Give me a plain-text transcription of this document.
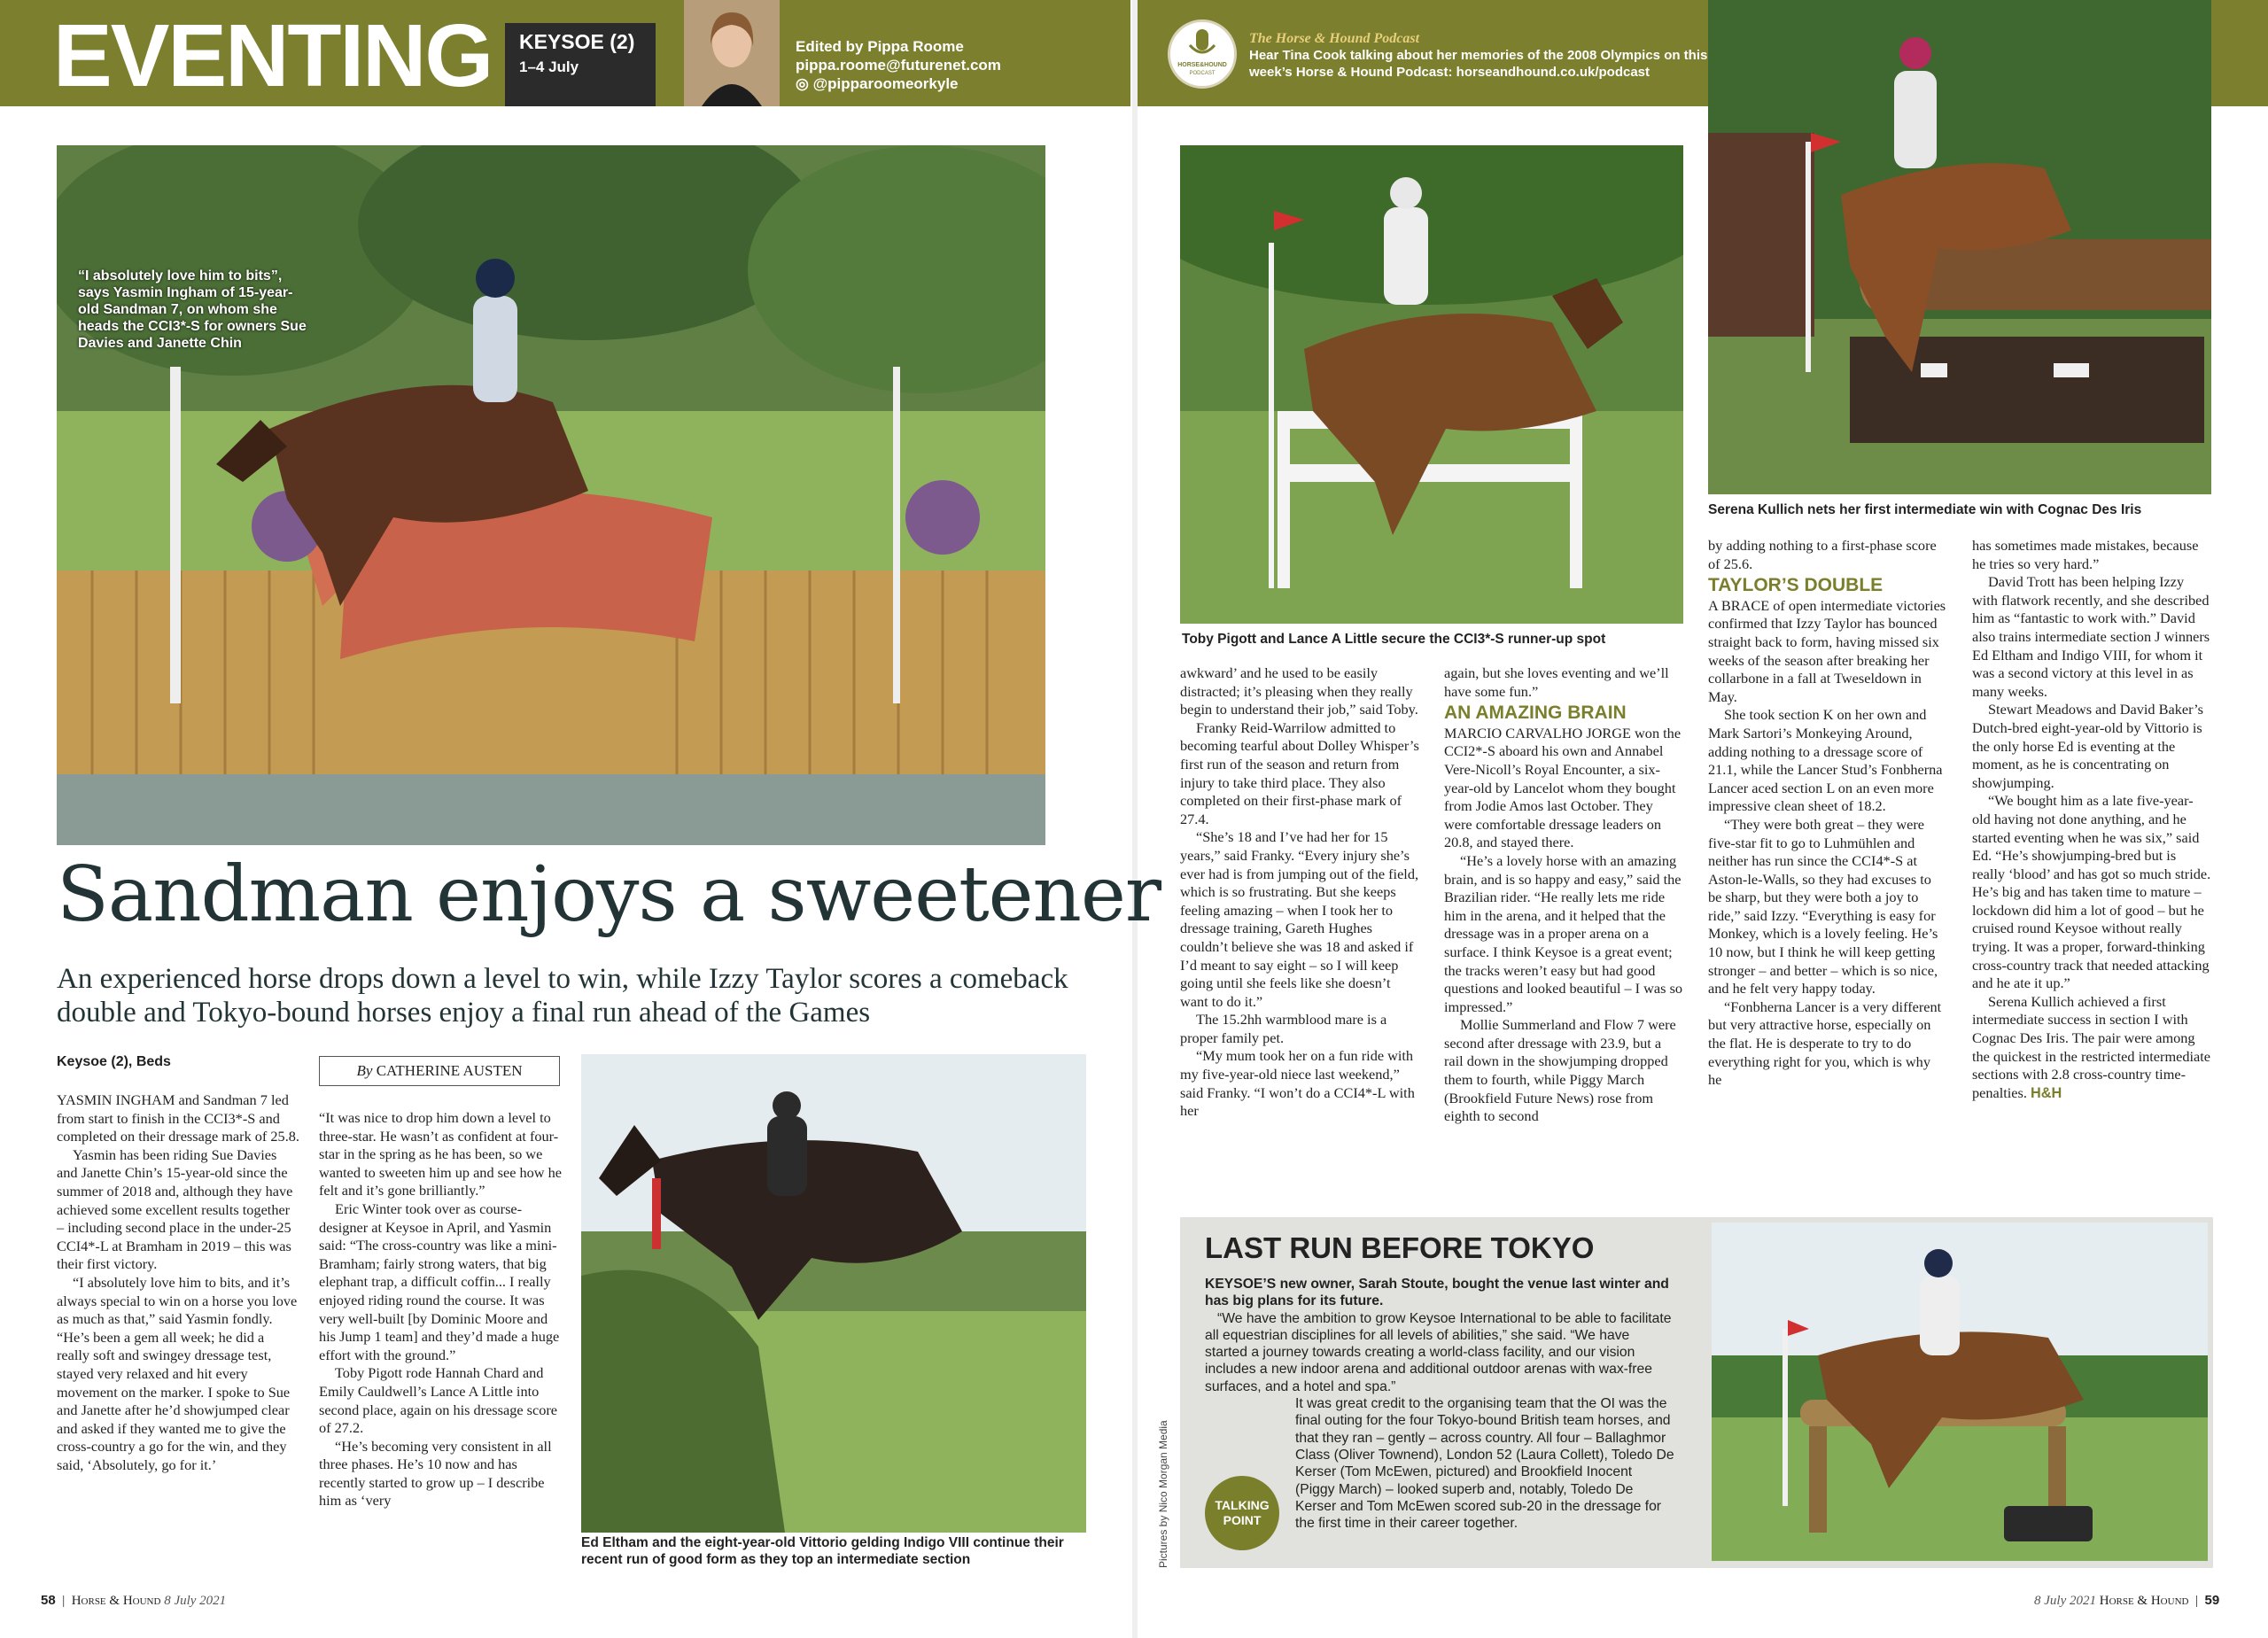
EVENTING KEYSOE (2)
1–4 July
Edited by Pippa Roome
pippa.roome@futurenet.com
◎ @pipparoomeorkyle
HORSE&HOUND
PODCAST
The Horse & Hound Podcast
Hear Tina Cook talking about her memories of the 2008 Olympics on this week’s Horse & Hound Podcast: horseandhound.co.uk/podcast
“I absolutely love him to bits”, says Yasmin Ingham of 15-year-old Sandman 7, on whom she heads the CCI3*-S for owners Sue Davies and Janette Chin
Sandman enjoys a sweetener
An experienced horse drops down a level to win, while Izzy Taylor scores a comeback double and Tokyo-bound horses enjoy a final run ahead of the Games
Keysoe (2), Beds
By CATHERINE AUSTEN

YASMIN INGHAM and Sandman 7 led from start to finish in the CCI3*-S and completed on their dressage mark of 25.8.

Yasmin has been riding Sue Davies and Janette Chin’s 15-year-old since the summer of 2018 and, although they have achieved some excellent results together – including second place in the under-25 CCI4*-L at Bramham in 2019 – this was their first victory.

“I absolutely love him to bits, and it’s always special to win on a horse you love as much as that,” said Yasmin fondly. “He’s been a gem all week; he did a really soft and swingey dressage test, stayed very relaxed and hit every movement on the marker. I spoke to Sue and Janette after he’d showjumped clear and asked if they wanted me to give the cross-country a go for the win, and they said, ‘Absolutely, go for it.’

“It was nice to drop him down a level to three-star. He wasn’t as confident at four-star in the spring as he has been, so we wanted to sweeten him up and see how he felt and it’s gone brilliantly.”

Eric Winter took over as course-designer at Keysoe in April, and Yasmin said: “The cross-country was like a mini-Bramham; fairly strong waters, that big elephant trap, a difficult coffin... I really enjoyed riding round the course. It was very well-built [by Dominic Moore and his Jump 1 team] and they’d made a huge effort with the ground.”

Toby Pigott rode Hannah Chard and Emily Cauldwell’s Lance A Little into second place, again on his dressage score of 27.2.

“He’s becoming very consistent in all three phases. He’s 10 now and has recently started to grow up – I describe him as ‘very

Ed Eltham and the eight-year-old Vittorio gelding Indigo VIII continue their recent run of good form as they top an intermediate section
Toby Pigott and Lance A Little secure the CCI3*-S runner-up spot
Serena Kullich nets her first intermediate win with Cognac Des Iris

awkward’ and he used to be easily distracted; it’s pleasing when they really begin to understand their job,” said Toby.

Franky Reid-Warrilow admitted to becoming tearful about Dolley Whisper’s first run of the season and return from injury to take third place. They also completed on their first-phase mark of 27.4.

“She’s 18 and I’ve had her for 15 years,” said Franky. “Every injury she’s ever had is from jumping out of the field, which is so frustrating. But she keeps feeling amazing – when I took her to dressage training, Gareth Hughes couldn’t believe she was 18 and asked if I’d meant to say eight – so I will keep going until she feels like she doesn’t want to do it.”

The 15.2hh warmblood mare is a proper family pet.

“My mum took her on a fun ride with my five-year-old niece last weekend,” said Franky. “I won’t do a CCI4*-L with her

again, but she loves eventing and we’ll have some fun.”

AN AMAZING BRAIN

MARCIO CARVALHO JORGE won the CCI2*-S aboard his own and Annabel Vere-Nicoll’s Royal Encounter, a six-year-old by Lancelot whom they bought from Jodie Amos last October. They were comfortable dressage leaders on 20.8, and stayed there.

“He’s a lovely horse with an amazing brain, and is so happy and easy,” said the Brazilian rider. “He really lets me ride him in the arena, and it helped that the dressage was in a proper arena on a surface. I think Keysoe is a great event; the tracks weren’t easy but had good questions and looked beautiful – I was so impressed.”

Mollie Summerland and Flow 7 were second after dressage with 23.9, but a rail down in the showjumping dropped them to fourth, while Piggy March (Brookfield Future News) rose from eighth to second

by adding nothing to a first-phase score of 25.6.

TAYLOR’S DOUBLE

A BRACE of open intermediate victories confirmed that Izzy Taylor has bounced straight back to form, having missed six weeks of the season after breaking her collarbone in a fall at Tweseldown in May.

She took section K on her own and Mark Sartori’s Monkeying Around, adding nothing to a dressage score of 21.1, while the Lancer Stud’s Fonbherna Lancer aced section L on an even more impressive clean sheet of 18.2.

“They were both great – they were five-star fit to go to Luhmühlen and neither has run since the CCI4*-S at Aston-le-Walls, so they had excuses to be sharp, but they were both a joy to ride,” said Izzy. “Everything is easy for Monkey, which is a lovely feeling. He’s 10 now, but I think he will keep getting stronger – and better – which is so nice, and he felt very happy today.

“Fonbherna Lancer is a very different but very attractive horse, especially on the flat. He is desperate to try to do everything right for you, which is why he

has sometimes made mistakes, because he tries so very hard.”

David Trott has been helping Izzy with flatwork recently, and she described him as “fantastic to work with.” David also trains intermediate section J winners Ed Eltham and Indigo VIII, for whom it was a second victory at this level in as many weeks.

Stewart Meadows and David Baker’s Dutch-bred eight-year-old by Vittorio is the only horse Ed is eventing at the moment, as he is concentrating on showjumping.

“We bought him as a late five-year-old having not done anything, and he started eventing when he was six,” said Ed. “He’s showjumping-bred but is really ‘blood’ and has got so much stride. He’s big and has taken time to mature – lockdown did him a lot of good – but he cruised round Keysoe without really trying. It was a proper, forward-thinking cross-country track that needed attacking and he ate it up.”

Serena Kullich achieved a first intermediate success in section I with Cognac Des Iris. The pair were among the quickest in the restricted intermediate sections with 2.8 cross-country time-penalties. H&H

LAST RUN BEFORE TOKYO

KEYSOE’S new owner, Sarah Stoute, bought the venue last winter and has big plans for its future.

“We have the ambition to grow Keysoe International to be able to facilitate all equestrian disciplines for all levels of abilities,” she said. “We have started a journey towards creating a world-class facility, and our vision includes a new indoor arena and additional outdoor arenas with wax-free surfaces, and a hotel and spa.”

It was great credit to the organising team that the OI was the final outing for the four Tokyo-bound British team horses, and that they ran – gently – across country. All four – Ballaghmor Class (Oliver Townend), London 52 (Laura Collett), Toledo De Kerser (Tom McEwen, pictured) and Brookfield Inocent (Piggy March) – looked superb and, notably, Toledo De Kerser and Tom McEwen scored sub-20 in the dressage for the first time in their career together.

TALKING POINT
Pictures by Nico Morgan Media
58  |  Horse & Hound 8 July 2021	8 July 2021 Horse & Hound  |  59
